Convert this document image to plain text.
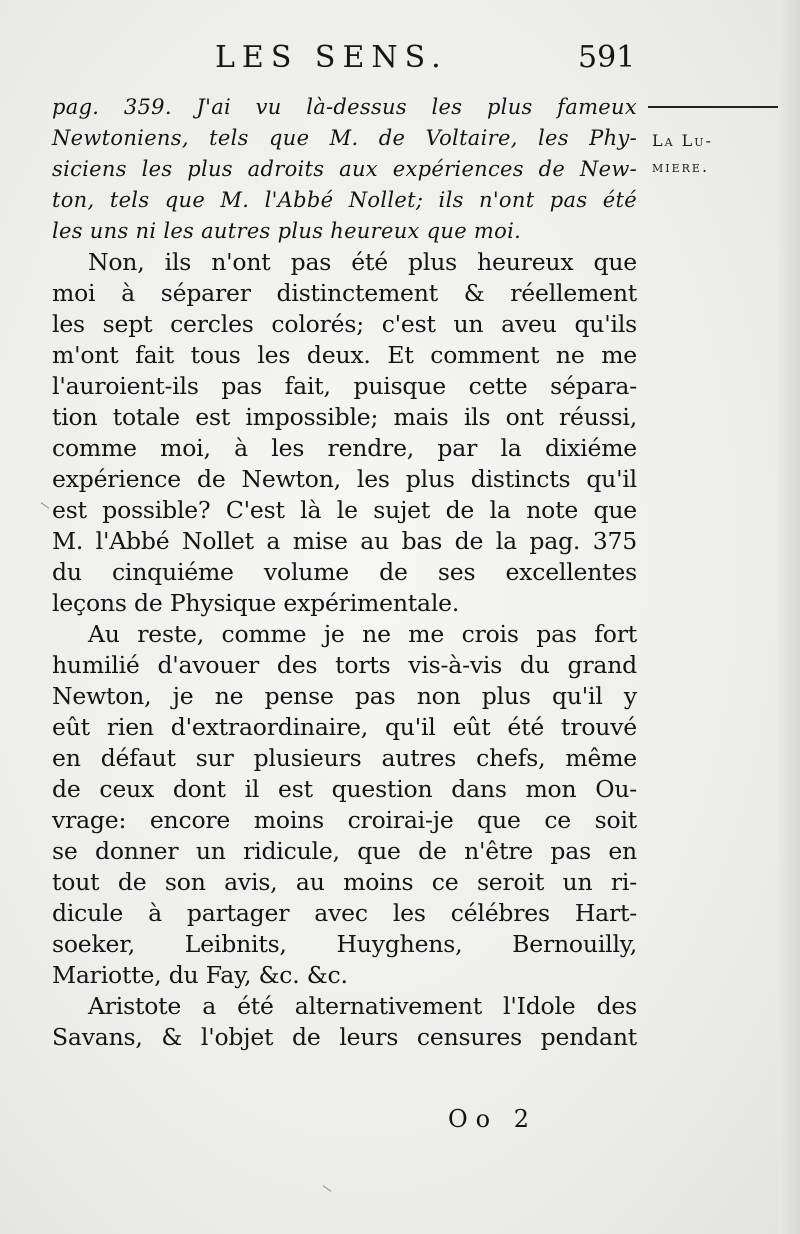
LES SENS.	591
La Lu-
miere.
pag. 359. J'ai vu là-dessus les plus fameux
Newtoniens, tels que M. de Voltaire, les Phy-
siciens les plus adroits aux expériences de New-
ton, tels que M. l'Abbé Nollet; ils n'ont pas été
les uns ni les autres plus heureux que moi.
Non, ils n'ont pas été plus heureux que
moi à séparer distinctement & réellement
les sept cercles colorés; c'est un aveu qu'ils
m'ont fait tous les deux. Et comment ne me
l'auroient-ils pas fait, puisque cette sépara-
tion totale est impossible; mais ils ont réussi,
comme moi, à les rendre, par la dixiéme
expérience de Newton, les plus distincts qu'il
est possible? C'est là le sujet de la note que
M. l'Abbé Nollet a mise au bas de la pag. 375
du cinquiéme volume de ses excellentes
leçons de Physique expérimentale.
Au reste, comme je ne me crois pas fort
humilié d'avouer des torts vis-à-vis du grand
Newton, je ne pense pas non plus qu'il y
eût rien d'extraordinaire, qu'il eût été trouvé
en défaut sur plusieurs autres chefs, même
de ceux dont il est question dans mon Ou-
vrage: encore moins croirai-je que ce soit
se donner un ridicule, que de n'être pas en
tout de son avis, au moins ce seroit un ri-
dicule à partager avec les célébres Hart-
soeker, Leibnits, Huyghens, Bernouilly,
Mariotte, du Fay, &c. &c.
Aristote a été alternativement l'Idole des
Savans, & l'objet de leurs censures pendant
Oo 2
